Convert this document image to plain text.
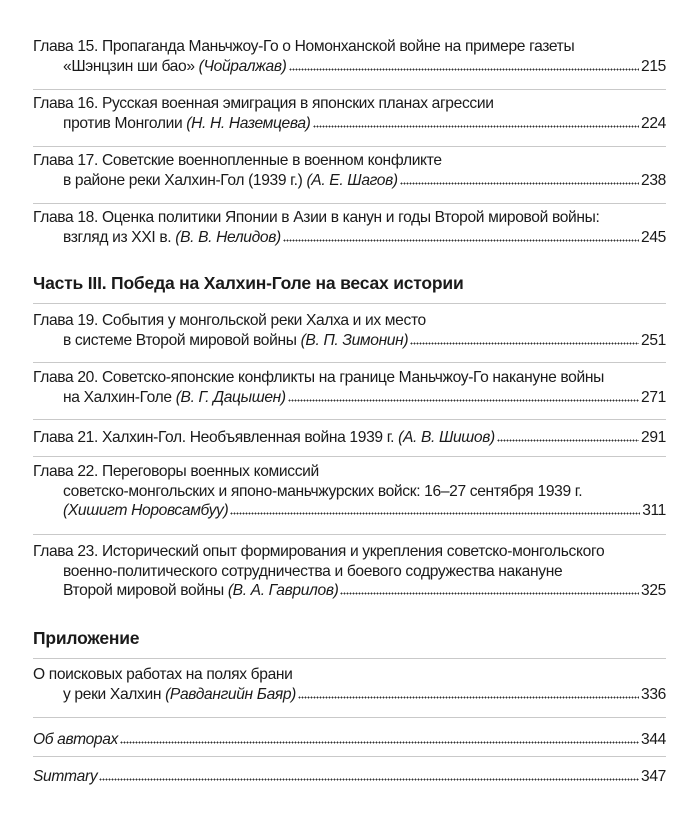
Глава 15. Пропаганда Маньчжоу-Го о Номонханской войне на примере газеты
«Шэнцзин ши бао» (Чойралжав)	215
Глава 16. Русская военная эмиграция в японских планах агрессии
против Монголии (Н. Н. Наземцева)	224
Глава 17. Советские военнопленные в военном конфликте
в районе реки Халхин-Гол (1939 г.) (А. Е. Шагов)	238
Глава 18. Оценка политики Японии в Азии в канун и годы Второй мировой войны:
взгляд из XXI в. (В. В. Нелидов)	245
Часть III. Победа на Халхин-Голе на весах истории
Глава 19. События у монгольской реки Халха и их место
в системе Второй мировой войны (В. П. Зимонин)	251
Глава 20. Советско-японские конфликты на границе Маньчжоу-Го накануне войны
на Халхин-Голе (В. Г. Дацышен)	271
Глава 21. Халхин-Гол. Необъявленная война 1939 г. (А. В. Шишов)	291
Глава 22. Переговоры военных комиссий
советско-монгольских и японо-маньчжурских войск: 16–27 сентября 1939 г.
(Хишигт Норовсамбуу)	311
Глава 23. Исторический опыт формирования и укрепления советско-монгольского
военно-политического сотрудничества и боевого содружества накануне
Второй мировой войны (В. А. Гаврилов)	325
Приложение
О поисковых работах на полях брани
у реки Халхин (Равдангийн Баяр)	336
Об авторах	344
Summary	347
